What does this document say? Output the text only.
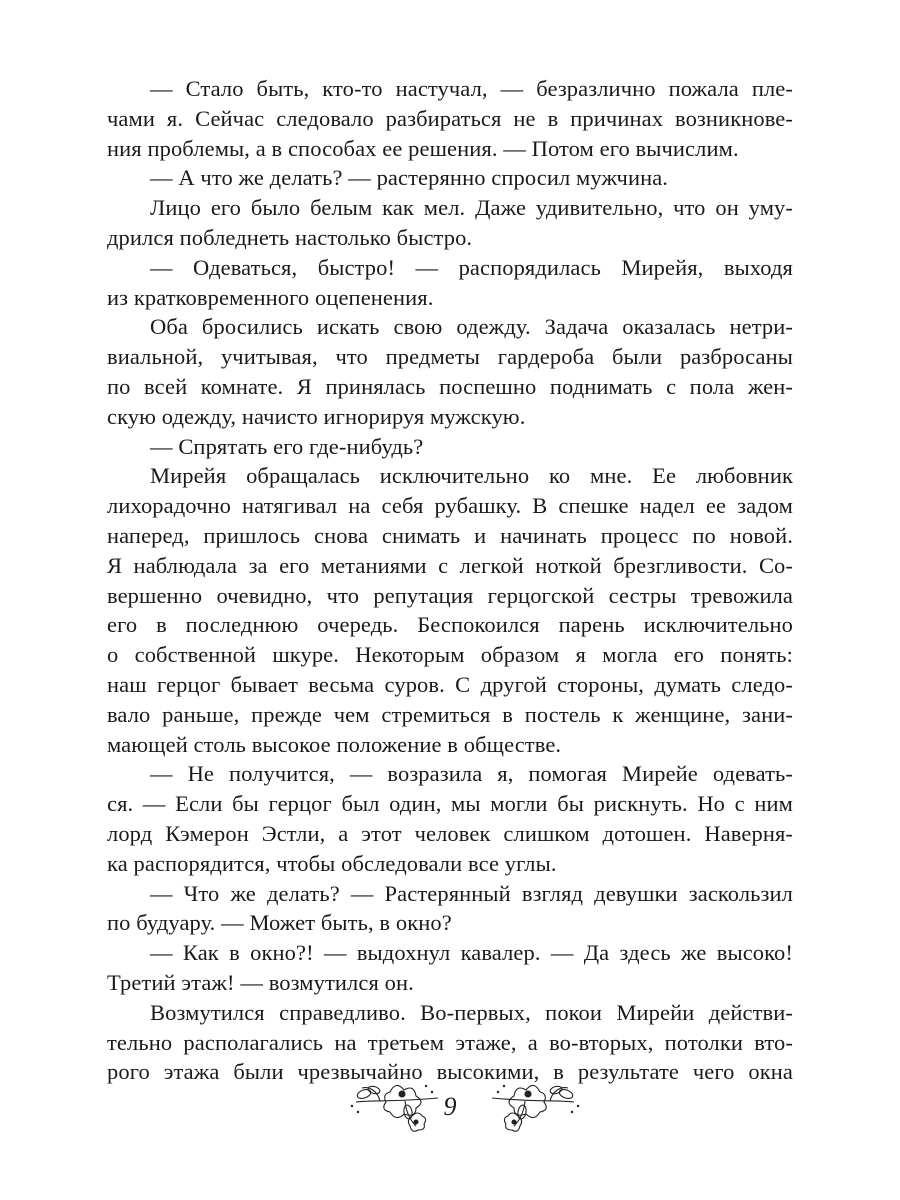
— Стало быть, кто-то настучал, — безразлично пожала пле-
чами я. Сейчас следовало разбираться не в причинах возникнове-
ния проблемы, а в способах ее решения. — Потом его вычислим.
— А что же делать? — растерянно спросил мужчина.
Лицо его было белым как мел. Даже удивительно, что он уму-
дрился побледнеть настолько быстро.
— Одеваться, быстро! — распорядилась Мирейя, выходя
из кратковременного оцепенения.
Оба бросились искать свою одежду. Задача оказалась нетри-
виальной, учитывая, что предметы гардероба были разбросаны
по всей комнате. Я принялась поспешно поднимать с пола жен-
скую одежду, начисто игнорируя мужскую.
— Спрятать его где-нибудь?
Мирейя обращалась исключительно ко мне. Ее любовник
лихорадочно натягивал на себя рубашку. В спешке надел ее задом
наперед, пришлось снова снимать и начинать процесс по новой.
Я наблюдала за его метаниями с легкой ноткой брезгливости. Со-
вершенно очевидно, что репутация герцогской сестры тревожила
его в последнюю очередь. Беспокоился парень исключительно
о собственной шкуре. Некоторым образом я могла его понять:
наш герцог бывает весьма суров. С другой стороны, думать следо-
вало раньше, прежде чем стремиться в постель к женщине, зани-
мающей столь высокое положение в обществе.
— Не получится, — возразила я, помогая Мирейе одевать-
ся. — Если бы герцог был один, мы могли бы рискнуть. Но с ним
лорд Кэмерон Эстли, а этот человек слишком дотошен. Наверня-
ка распорядится, чтобы обследовали все углы.
— Что же делать? — Растерянный взгляд девушки заскользил
по будуару. — Может быть, в окно?
— Как в окно?! — выдохнул кавалер. — Да здесь же высоко!
Третий этаж! — возмутился он.
Возмутился справедливо. Во-первых, покои Мирейи действи-
тельно располагались на третьем этаже, а во-вторых, потолки вто-
рого этажа были чрезвычайно высокими, в результате чего окна
9
